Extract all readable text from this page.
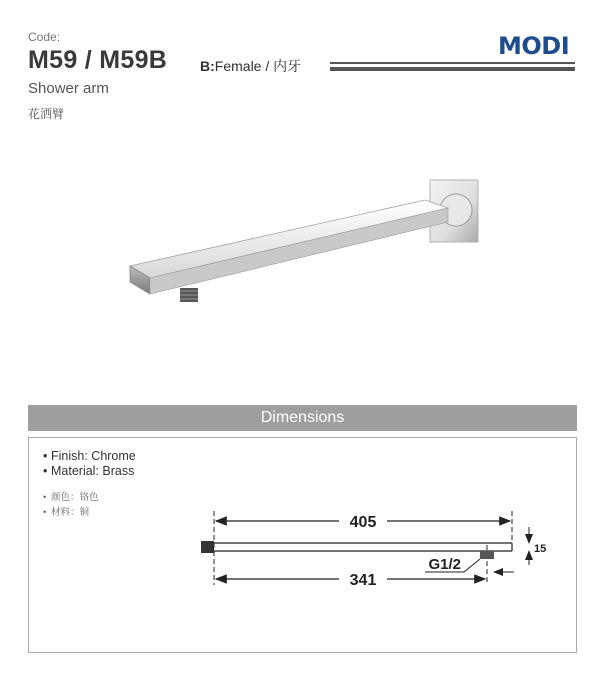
Code:
M59 / M59B B:Female / 内牙
MODI
Shower arm
花洒臂
Dimensions
• Finish: Chrome
• Material: Brass
• 颜色：铬色
• 材料：铜
405
15
G1/2
341
